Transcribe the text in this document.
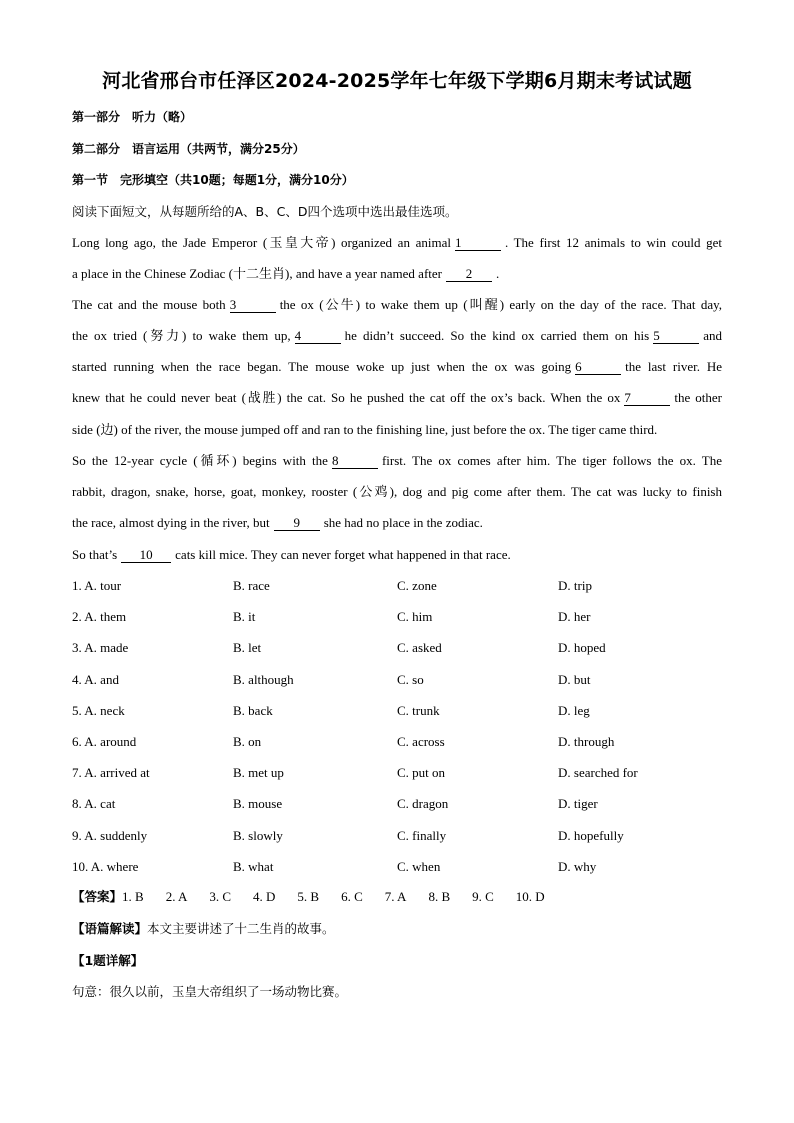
河北省邢台市任泽区2024-2025学年七年级下学期6月期末考试试题
第一部分　听力（略）
第二部分　语言运用（共两节，满分25分）
第一节　完形填空（共10题；每题1分，满分10分）
阅读下面短文，从每题所给的A、B、C、D四个选项中选出最佳选项。
Long long ago, the Jade Emperor (玉皇大帝) organized an animal 1	. The first 12 animals to win could get
a place in the Chinese Zodiac (十二生肖), and have a year named after 2 .
The cat and the mouse both 3	the ox (公牛) to wake them up (叫醒) early on the day of the race. That day,
the ox tried (努力) to wake them up, 4	he didn’t succeed. So the kind ox carried them on his 5	and
started running when the race began. The mouse woke up just when the ox was going 6	the last river. He
knew that he could never beat (战胜) the cat. So he pushed the cat off the ox’s back. When the ox 7	the other
side (边) of the river, the mouse jumped off and ran to the finishing line, just before the ox. The tiger came third.
So the 12-year cycle (循环) begins with the 8	first. The ox comes after him. The tiger follows the ox. The
rabbit, dragon, snake, horse, goat, monkey, rooster (公鸡), dog and pig come after them. The cat was lucky to finish
the race, almost dying in the river, but 9 she had no place in the zodiac.
So that’s 10 cats kill mice. They can never forget what happened in that race.
1. A. tour	B. race	C. zone	D. trip
2. A. them	B. it	C. him	D. her
3. A. made	B. let	C. asked	D. hoped
4. A. and	B. although	C. so	D. but
5. A. neck	B. back	C. trunk	D. leg
6. A. around	B. on	C. across	D. through
7. A. arrived at	B. met up	C. put on	D. searched for
8. A. cat	B. mouse	C. dragon	D. tiger
9. A. suddenly	B. slowly	C. finally	D. hopefully
10. A. where	B. what	C. when	D. why
【答案】1. B 2. A 3. C 4. D 5. B 6. C 7. A 8. B 9. C 10. D
【语篇解读】本文主要讲述了十二生肖的故事。
【1题详解】
句意：很久以前，玉皇大帝组织了一场动物比赛。
